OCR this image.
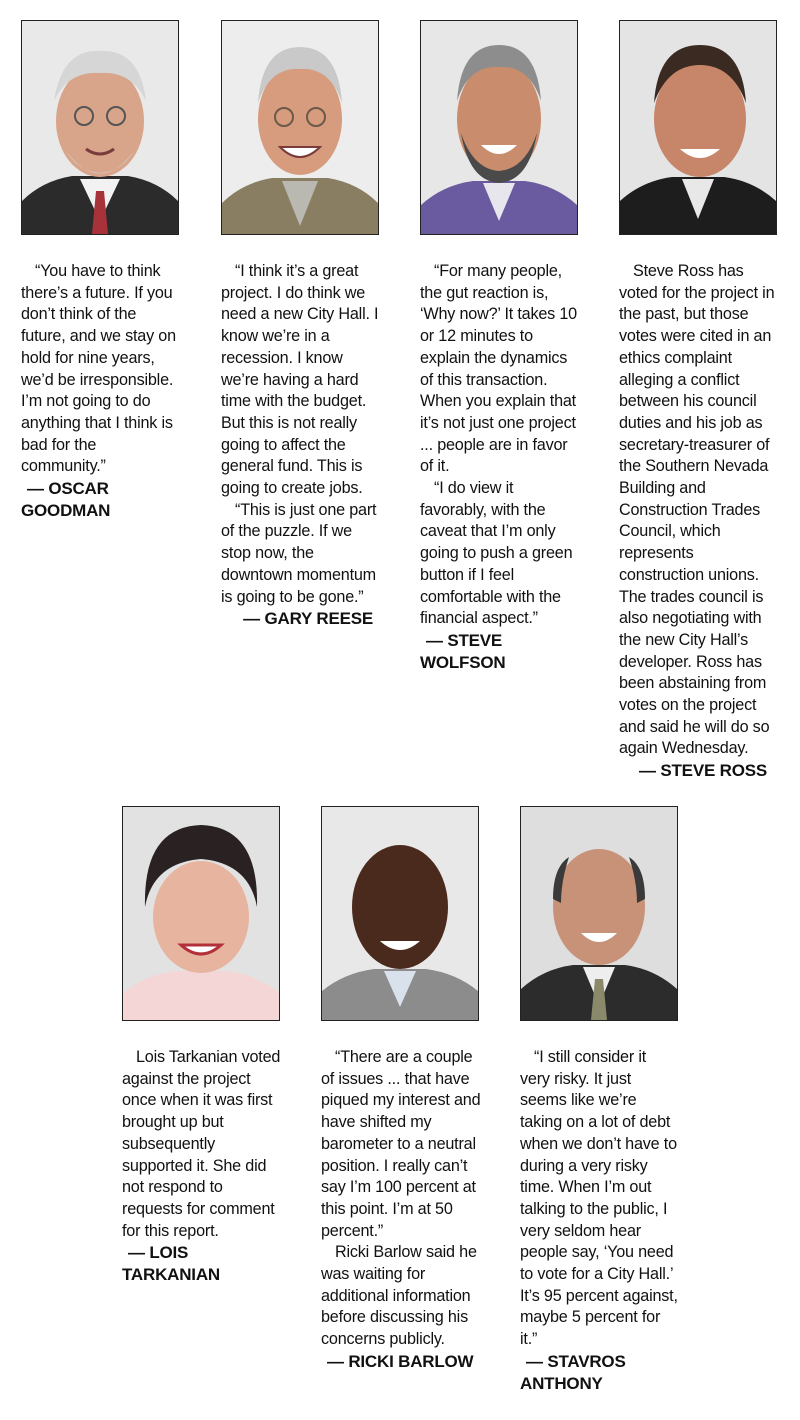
“You have to think there’s a future. If you don’t think of the future, and we stay on hold for nine years, we’d be irresponsible. I’m not going to do anything that I think is bad for the community.”

— OSCAR GOODMAN

“I think it’s a great project. I do think we need a new City Hall. I know we’re in a recession. I know we’re having a hard time with the budget. But this is not really going to affect the general fund. This is going to create jobs.

“This is just one part of the puzzle. If we stop now, the downtown momentum is going to be gone.”

— GARY REESE

“For many people, the gut reaction is, ‘Why now?’ It takes 10 or 12 minutes to explain the dynamics of this transaction. When you explain that it’s not just one project ... people are in favor of it.

“I do view it favorably, with the caveat that I’m only going to push a green button if I feel comfortable with the financial aspect.”

— STEVE WOLFSON

Steve Ross has voted for the project in the past, but those votes were cited in an ethics complaint alleging a conflict between his council duties and his job as secretary-treasurer of the Southern Nevada Building and Construction Trades Council, which represents construction unions. The trades council is also negotiating with the new City Hall’s developer. Ross has been abstaining from votes on the project and said he will do so again Wednesday.

— STEVE ROSS

Lois Tarkanian voted against the project once when it was first brought up but subsequently supported it. She did not respond to requests for comment for this report.

— LOIS TARKANIAN

“There are a couple of issues ... that have piqued my interest and have shifted my barometer to a neutral position. I really can’t say I’m 100 percent at this point. I’m at 50 percent.”

Ricki Barlow said he was waiting for additional information before discussing his concerns publicly.

— RICKI BARLOW

“I still consider it very risky. It just seems like we’re taking on a lot of debt when we don’t have to during a very risky time. When I’m out talking to the public, I very seldom hear people say, ‘You need to vote for a City Hall.’ It’s 95 percent against, maybe 5 percent for it.”

— STAVROS ANTHONY
